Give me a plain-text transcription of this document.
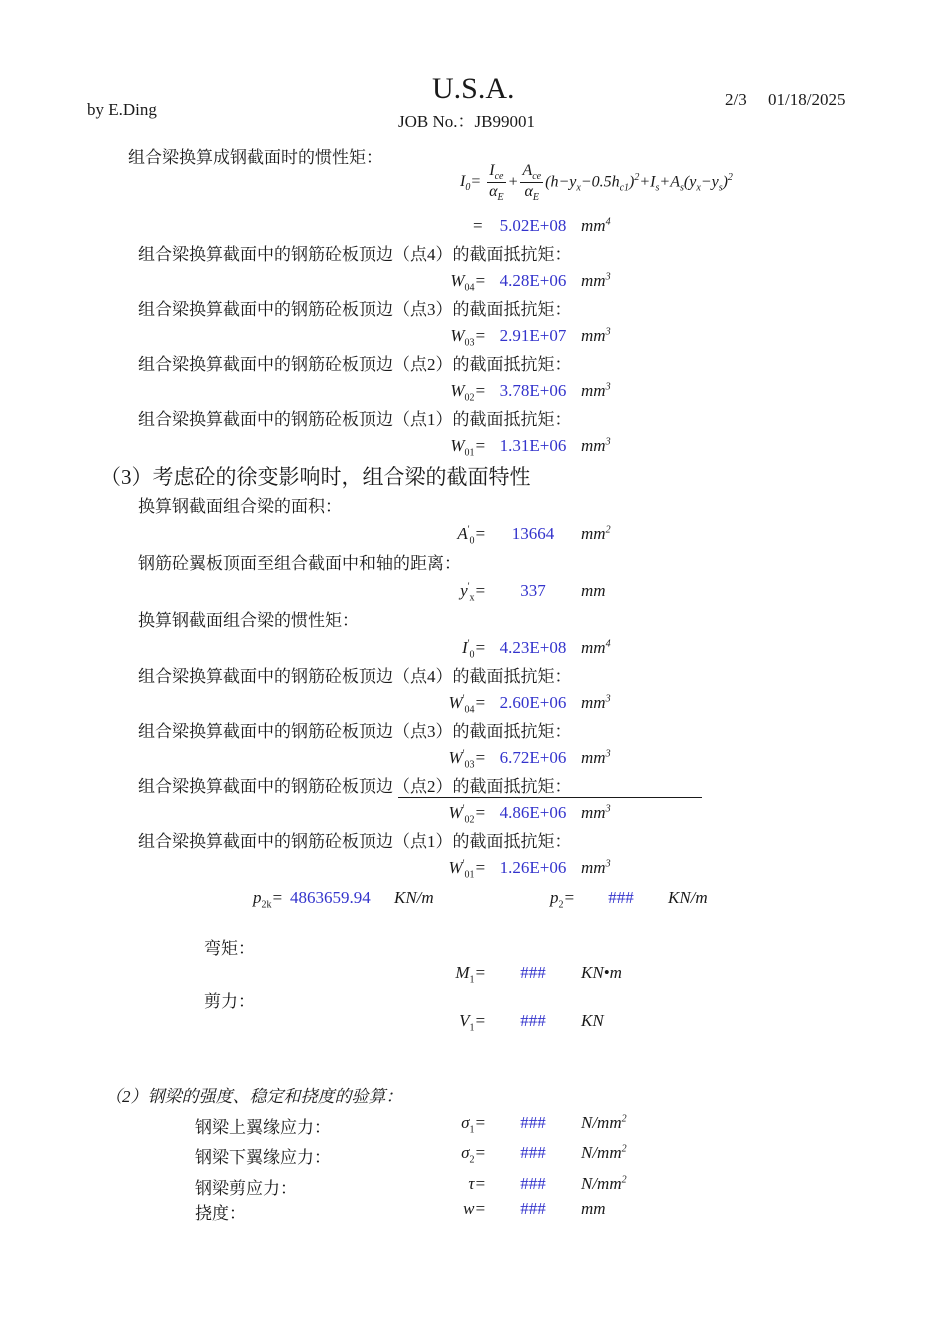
by E.Ding
U.S.A.
JOB No.：JB99001
2/3 01/18/2025
组合梁换算成钢截面时的惯性矩：
$I_0= \frac{I_{ce}}{\alpha_E} + \frac{A_{ce}}{\alpha_E} (h-y_x-0.5h_{c1})^2+I_s+A_s(y_x-y_s)^2$
=	5.02E+08 $mm^4$
组合梁换算截面中的钢筋砼板顶边（点4）的截面抵抗矩：
$W_{04}= 4.28E+06$ $mm^3$
组合梁换算截面中的钢筋砼板顶边（点3）的截面抵抗矩：
$W_{03}= 2.91E+07$ $mm^3$
组合梁换算截面中的钢筋砼板顶边（点2）的截面抵抗矩：
$W_{02}= 3.78E+06$ $mm^3$
组合梁换算截面中的钢筋砼板顶边（点1）的截面抵抗矩：
$W_{01}= 1.31E+06$ $mm^3$
（3）考虑砼的徐变影响时，组合梁的截面特性
换算钢截面组合梁的面积：
$A'_0=$	13664	$mm^2$
钢筋砼翼板顶面至组合截面中和轴的距离：
$y'_x=$	337	mm
换算钢截面组合梁的惯性矩：
$I'_0= 4.23E+08$ $mm^4$
组合梁换算截面中的钢筋砼板顶边（点4）的截面抵抗矩：
$W'_{04}= 2.60E+06$ $mm^3$
组合梁换算截面中的钢筋砼板顶边（点3）的截面抵抗矩：
$W'_{03}= 6.72E+06$ $mm^3$
组合梁换算截面中的钢筋砼板顶边（点2）的截面抵抗矩：
$W'_{02}= 4.86E+06$ $mm^3$
组合梁换算截面中的钢筋砼板顶边（点1）的截面抵抗矩：
$W'_{01}= 1.26E+06$ $mm^3$
$p_{2k}= 4863659.94$ KN/m	$p_2=$	###	KN/m
弯矩：
$M_1=$	###	KN•m
剪力：
$V_1=$	###	KN
（2）钢梁的强度、稳定和挠度的验算：
钢梁上翼缘应力：	$\sigma_1=$	###	$N/mm^2$
钢梁下翼缘应力：	$\sigma_2=$	###	$N/mm^2$
钢梁剪应力：	τ=	###	$N/mm^2$
挠度：	w=	###	mm
